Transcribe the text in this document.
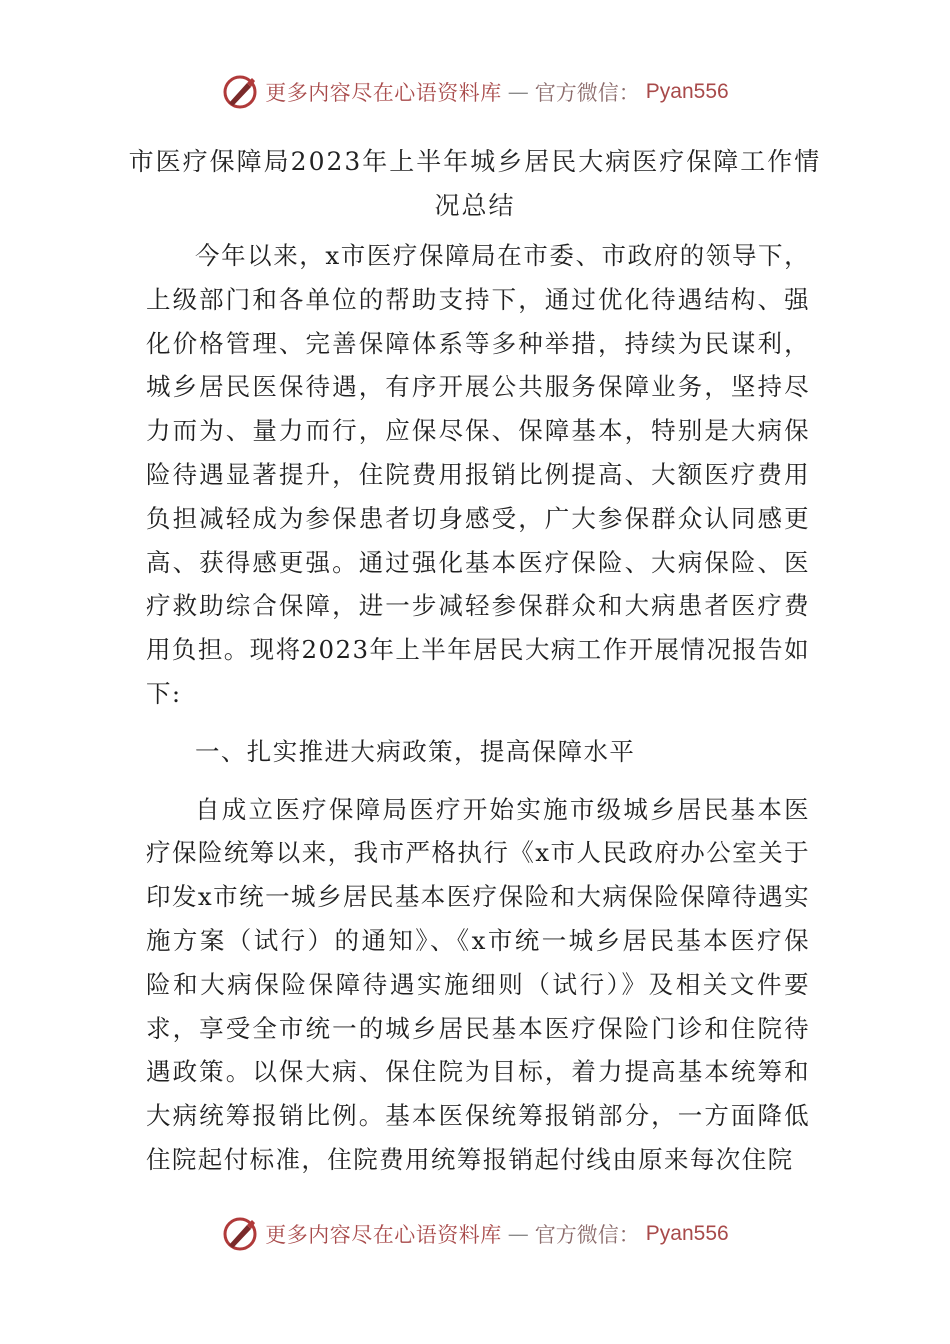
更多内容尽在心语资料库 — 官方微信： Pyan556
市医疗保障局2023年上半年城乡居民大病医疗保障工作情况总结

今年以来，x市医疗保障局在市委、市政府的领导下，上级部门和各单位的帮助支持下，通过优化待遇结构、强化价格管理、完善保障体系等多种举措，持续为民谋利，城乡居民医保待遇，有序开展公共服务保障业务，坚持尽力而为、量力而行，应保尽保、保障基本，特别是大病保险待遇显著提升，住院费用报销比例提高、大额医疗费用负担减轻成为参保患者切身感受，广大参保群众认同感更高、获得感更强。通过强化基本医疗保险、大病保险、医疗救助综合保障，进一步减轻参保群众和大病患者医疗费用负担。现将2023年上半年居民大病工作开展情况报告如下:

一、扎实推进大病政策，提高保障水平

自成立医疗保障局医疗开始实施市级城乡居民基本医疗保险统筹以来，我市严格执行《x市人民政府办公室关于印发x市统一城乡居民基本医疗保险和大病保险保障待遇实施方案（试行）的通知》、《x市统一城乡居民基本医疗保险和大病保险保障待遇实施细则（试行）》及相关文件要求，享受全市统一的城乡居民基本医疗保险门诊和住院待遇政策。以保大病、保住院为目标，着力提高基本统筹和大病统筹报销比例。基本医保统筹报销部分，一方面降低住院起付标准，住院费用统筹报销起付线由原来每次住院

更多内容尽在心语资料库 — 官方微信： Pyan556
